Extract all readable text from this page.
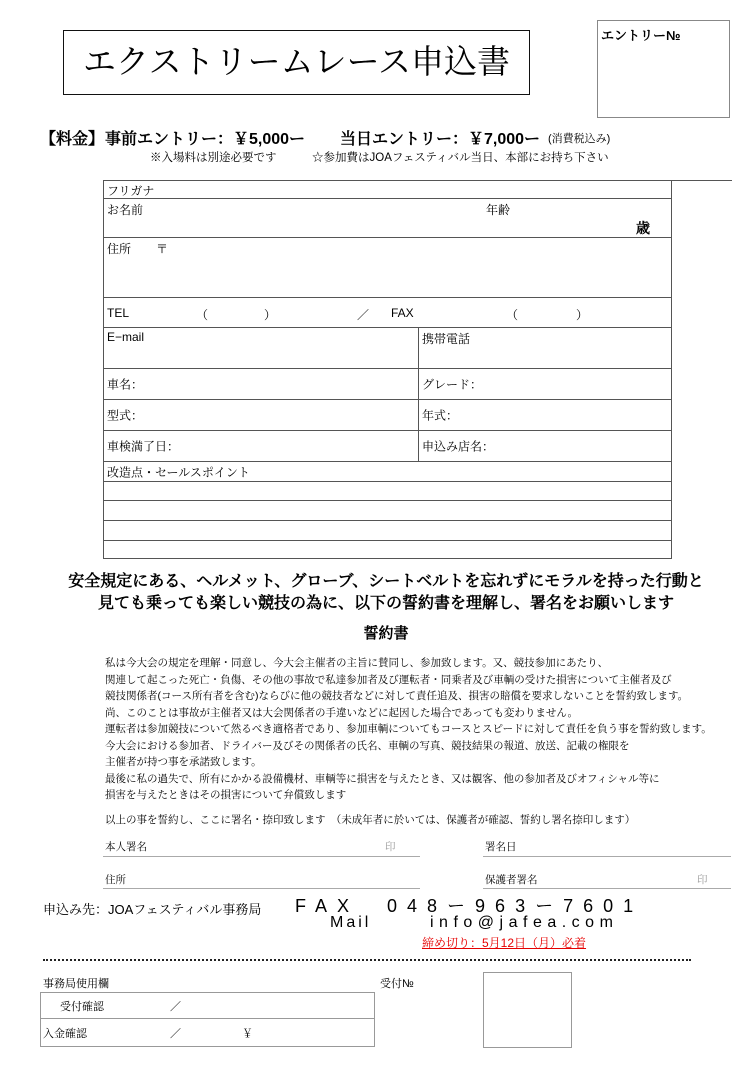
エクストリームレース申込書
エントリー№
【料金】 事前エントリー：￥5,000ー 当日エントリー：￥7,000ー (消費税込み)
※入場料は別途必要です	☆参加費はJOAフェスティバル当日、本部にお持ち下さい
フリガナ
お名前	年齢
歳
住所 〒
TEL	（	）	／ FAX	（	）
E−mail	携帯電話
車名：	グレード：
型式：	年式：
車検満了日：	申込み店名：
改造点・セールスポイント
安全規定にある、ヘルメット、グローブ、シートベルトを忘れずにモラルを持った行動と
見ても乗っても楽しい競技の為に、以下の誓約書を理解し、署名をお願いします
誓約書
私は今大会の規定を理解・同意し、今大会主催者の主旨に賛同し、参加致します。又、競技参加にあたり、
関連して起こった死亡・負傷、その他の事故で私達参加者及び運転者・同乗者及び車輌の受けた損害について主催者及び
競技関係者(コース所有者を含む)ならびに他の競技者などに対して責任追及、損害の賠償を要求しないことを誓約致します。
尚、このことは事故が主催者又は大会関係者の手違いなどに起因した場合であっても変わりません。
運転者は参加競技について然るべき適格者であり、参加車輌についてもコースとスピードに対して責任を負う事を誓約致します。
今大会における参加者、ドライバー及びその関係者の氏名、車輌の写真、競技結果の報道、放送、記載の権限を
主催者が持つ事を承諾致します。
最後に私の過失で、所有にかかる設備機材、車輌等に損害を与えたとき、又は観客、他の参加者及びオフィシャル等に
損害を与えたときはその損害について弁償致します
以上の事を誓約し、ここに署名・捺印致します　（未成年者に於いては、保護者が確認、誓約し署名捺印します）
本人署名	印	署名日
住所	保護者署名	印
申込み先：JOAフェスティバル事務局 FAX　048ー963ー7601
Mail	info@jafea.com
締め切り：5月12日（月）必着
事務局使用欄	受付№
受付確認	／
入金確認	／	￥
